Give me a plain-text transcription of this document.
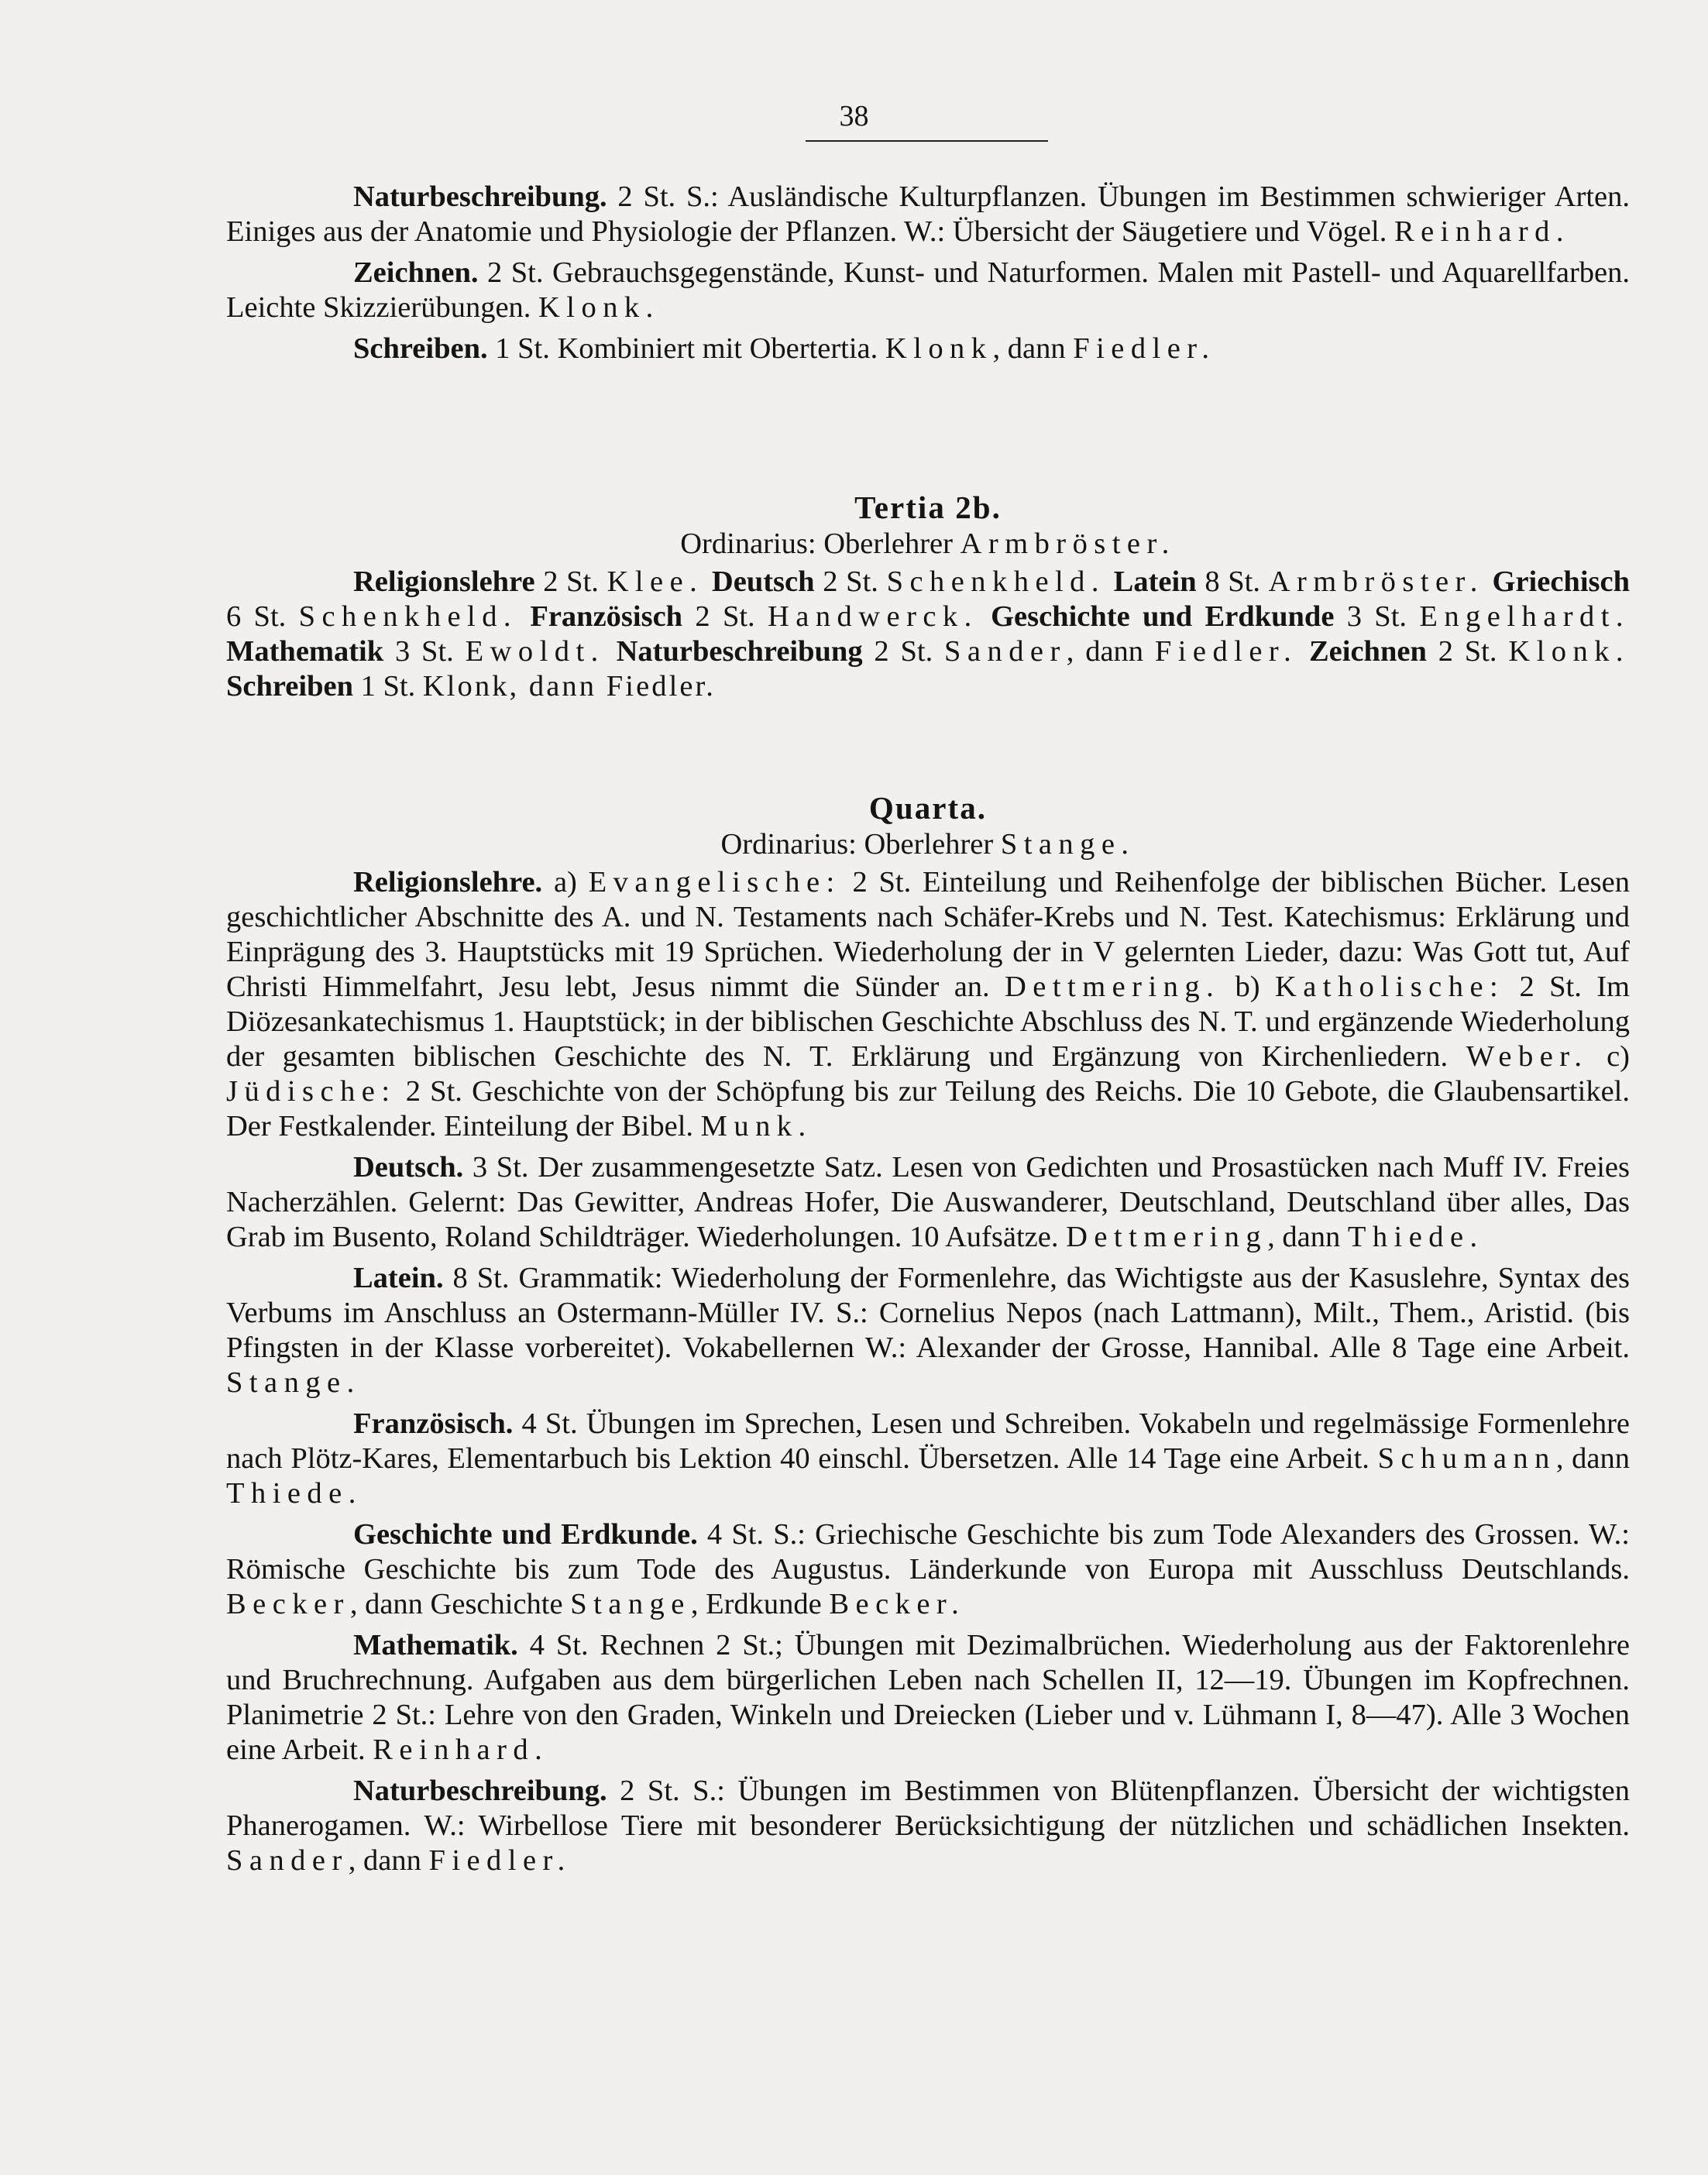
38

Naturbeschreibung. 2 St. S.: Ausländische Kulturpflanzen. Übungen im Bestimmen schwieriger Arten. Einiges aus der Anatomie und Physiologie der Pflanzen. W.: Übersicht der Säugetiere und Vögel. Reinhard.

Zeichnen. 2 St. Gebrauchsgegenstände, Kunst- und Naturformen. Malen mit Pastell- und Aquarellfarben. Leichte Skizzierübungen. Klonk.

Schreiben. 1 St. Kombiniert mit Obertertia. Klonk, dann Fiedler.

Tertia 2b.

Ordinarius: Oberlehrer Armbröster.

Religionslehre 2 St. Klee. Deutsch 2 St. Schenkheld. Latein 8 St. Armbröster. Griechisch 6 St. Schenkheld. Französisch 2 St. Handwerck. Geschichte und Erdkunde 3 St. Engelhardt. Mathematik 3 St. Ewoldt. Naturbeschreibung 2 St. Sander, dann Fiedler. Zeichnen 2 St. Klonk. Schreiben 1 St. Klonk, dann Fiedler.

Quarta.

Ordinarius: Oberlehrer Stange.

Religionslehre. a) Evangelische: 2 St. Einteilung und Reihenfolge der biblischen Bücher. Lesen geschichtlicher Abschnitte des A. und N. Testaments nach Schäfer-Krebs und N. Test. Katechismus: Erklärung und Einprägung des 3. Hauptstücks mit 19 Sprüchen. Wiederholung der in V gelernten Lieder, dazu: Was Gott tut, Auf Christi Himmelfahrt, Jesu lebt, Jesus nimmt die Sünder an. Dettmering. b) Katholische: 2 St. Im Diözesankatechismus 1. Hauptstück; in der biblischen Geschichte Abschluss des N. T. und ergänzende Wiederholung der gesamten biblischen Geschichte des N. T. Erklärung und Ergänzung von Kirchenliedern. Weber. c) Jüdische: 2 St. Geschichte von der Schöpfung bis zur Teilung des Reichs. Die 10 Gebote, die Glaubensartikel. Der Festkalender. Einteilung der Bibel. Munk.

Deutsch. 3 St. Der zusammengesetzte Satz. Lesen von Gedichten und Prosastücken nach Muff IV. Freies Nacherzählen. Gelernt: Das Gewitter, Andreas Hofer, Die Auswanderer, Deutschland, Deutschland über alles, Das Grab im Busento, Roland Schildträger. Wiederholungen. 10 Aufsätze. Dettmering, dann Thiede.

Latein. 8 St. Grammatik: Wiederholung der Formenlehre, das Wichtigste aus der Kasuslehre, Syntax des Verbums im Anschluss an Ostermann-Müller IV. S.: Cornelius Nepos (nach Lattmann), Milt., Them., Aristid. (bis Pfingsten in der Klasse vorbereitet). Vokabellernen W.: Alexander der Grosse, Hannibal. Alle 8 Tage eine Arbeit. Stange.

Französisch. 4 St. Übungen im Sprechen, Lesen und Schreiben. Vokabeln und regelmässige Formenlehre nach Plötz-Kares, Elementarbuch bis Lektion 40 einschl. Übersetzen. Alle 14 Tage eine Arbeit. Schumann, dann Thiede.

Geschichte und Erdkunde. 4 St. S.: Griechische Geschichte bis zum Tode Alexanders des Grossen. W.: Römische Geschichte bis zum Tode des Augustus. Länderkunde von Europa mit Ausschluss Deutschlands. Becker, dann Geschichte Stange, Erdkunde Becker.

Mathematik. 4 St. Rechnen 2 St.; Übungen mit Dezimalbrüchen. Wiederholung aus der Faktorenlehre und Bruchrechnung. Aufgaben aus dem bürgerlichen Leben nach Schellen II, 12—19. Übungen im Kopfrechnen. Planimetrie 2 St.: Lehre von den Graden, Winkeln und Dreiecken (Lieber und v. Lühmann I, 8—47). Alle 3 Wochen eine Arbeit. Reinhard.

Naturbeschreibung. 2 St. S.: Übungen im Bestimmen von Blütenpflanzen. Übersicht der wichtigsten Phanerogamen. W.: Wirbellose Tiere mit besonderer Berücksichtigung der nützlichen und schädlichen Insekten. Sander, dann Fiedler.
